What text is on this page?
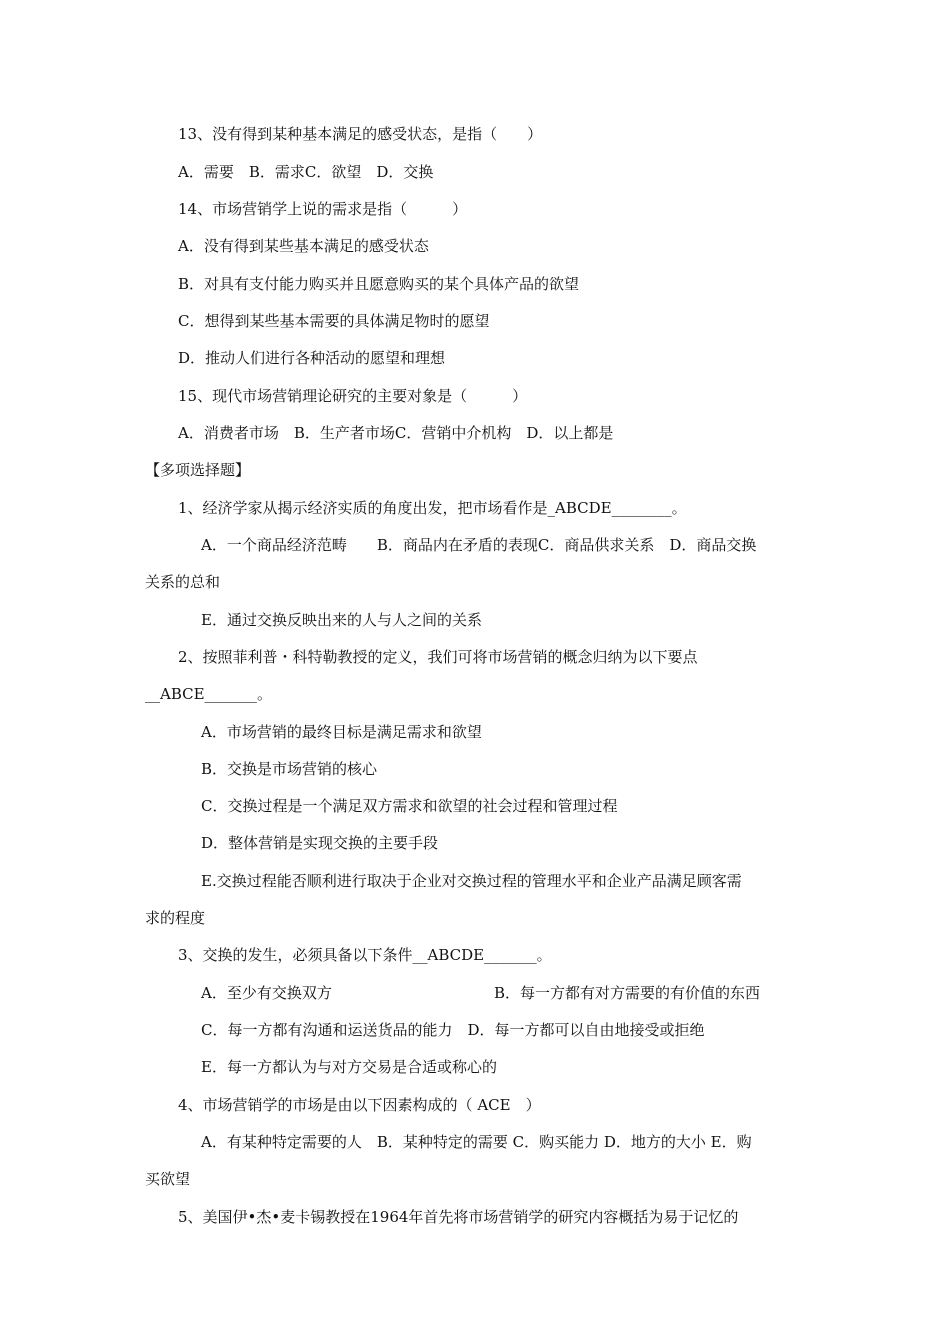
13、没有得到某种基本满足的感受状态，是指（　　）
A．需要　B．需求C．欲望　D．交换
14、市场营销学上说的需求是指（　　　）
A．没有得到某些基本满足的感受状态
B．对具有支付能力购买并且愿意购买的某个具体产品的欲望
C．想得到某些基本需要的具体满足物时的愿望
D．推动人们进行各种活动的愿望和理想
15、现代市场营销理论研究的主要对象是（　　　）
A．消费者市场　B．生产者市场C．营销中介机构　D．以上都是
【多项选择题】
1、经济学家从揭示经济实质的角度出发，把市场看作是_ABCDE________。
A．一个商品经济范畴　　B．商品内在矛盾的表现C．商品供求关系　D．商品交换
关系的总和
E．通过交换反映出来的人与人之间的关系
2、按照菲利普・科特勒教授的定义，我们可将市场营销的概念归纳为以下要点
__ABCE_______。
A．市场营销的最终目标是满足需求和欲望
B．交换是市场营销的核心
C．交换过程是一个满足双方需求和欲望的社会过程和管理过程
D．整体营销是实现交换的主要手段
E.交换过程能否顺利进行取决于企业对交换过程的管理水平和企业产品满足顾客需
求的程度
3、交换的发生，必须具备以下条件__ABCDE_______。
A．至少有交换双方	B．每一方都有对方需要的有价值的东西
C．每一方都有沟通和运送货品的能力　D．每一方都可以自由地接受或拒绝
E．每一方都认为与对方交易是合适或称心的
4、市场营销学的市场是由以下因素构成的（ ACE　）
A．有某种特定需要的人　B．某种特定的需要 C．购买能力 D．地方的大小 E．购
买欲望
5、美国伊•杰•麦卡锡教授在1964年首先将市场营销学的研究内容概括为易于记忆的
